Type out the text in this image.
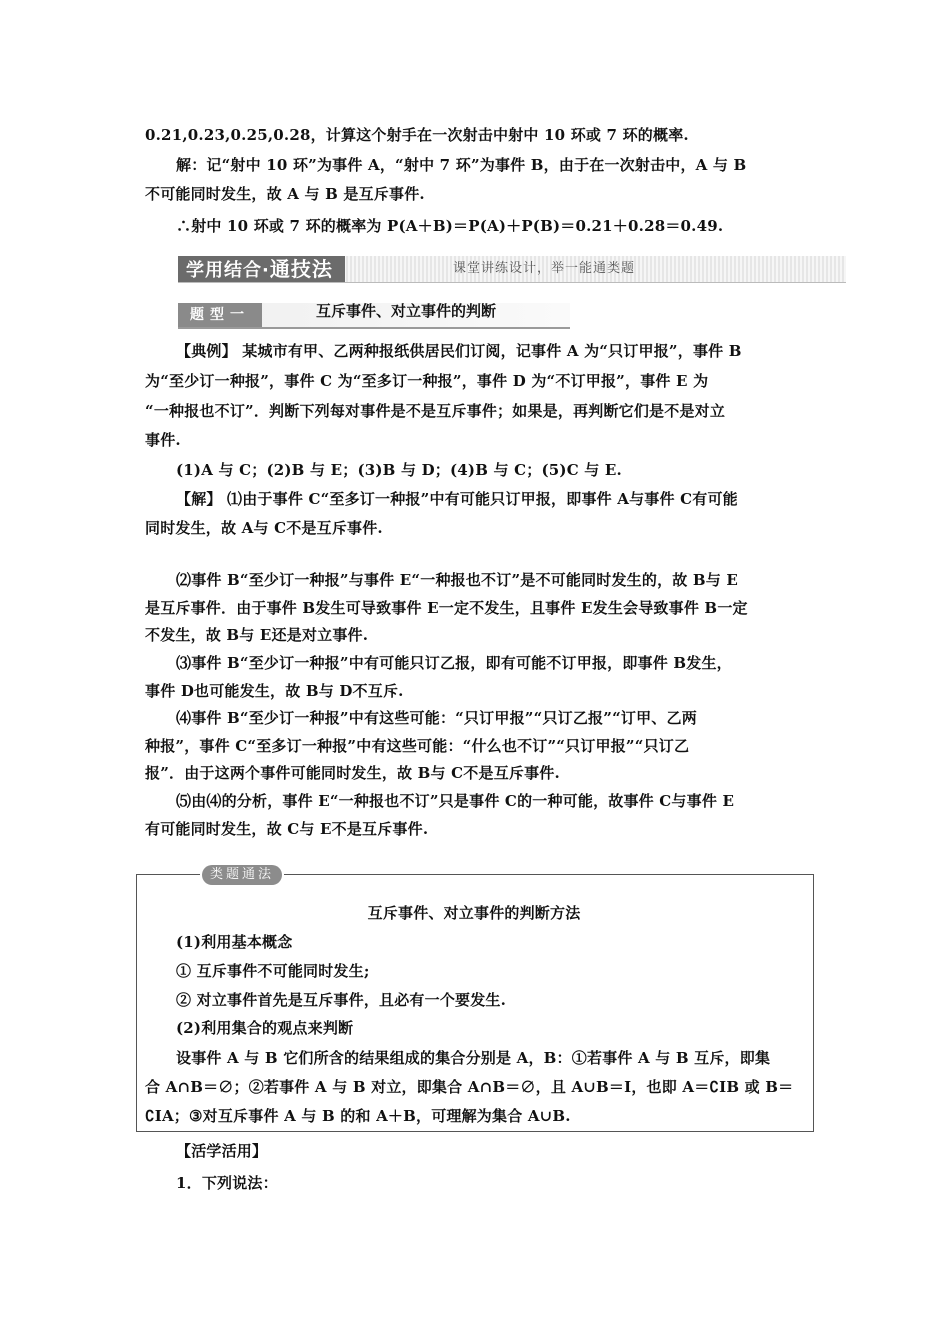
0.21,0.23,0.25,0.28，计算这个射手在一次射击中射中 10 环或 7 环的概率.
解：记“射中 10 环”为事件 A，“射中 7 环”为事件 B，由于在一次射击中，A 与 B
不可能同时发生，故 A 与 B 是互斥事件.
∴射中 10 环或 7 环的概率为 P(A＋B)＝P(A)＋P(B)＝0.21＋0.28＝0.49.
学用结合·通技法	课堂讲练设计，举一能通类题
题型一	互斥事件、对立事件的判断
【典例】 某城市有甲、乙两种报纸供居民们订阅，记事件 A 为“只订甲报”，事件 B
为“至少订一种报”，事件 C 为“至多订一种报”，事件 D 为“不订甲报”，事件 E 为
“一种报也不订”．判断下列每对事件是不是互斥事件；如果是，再判断它们是不是对立
事件.
(1)A 与 C；(2)B 与 E；(3)B 与 D；(4)B 与 C；(5)C 与 E.
【解】 ⑴由于事件 C“至多订一种报”中有可能只订甲报，即事件 A与事件 C有可能
同时发生，故 A与 C不是互斥事件.
⑵事件 B“至少订一种报”与事件 E“一种报也不订”是不可能同时发生的，故 B与 E
是互斥事件．由于事件 B发生可导致事件 E一定不发生，且事件 E发生会导致事件 B一定
不发生，故 B与 E还是对立事件.
⑶事件 B“至少订一种报”中有可能只订乙报，即有可能不订甲报，即事件 B发生，
事件 D也可能发生，故 B与 D不互斥.
⑷事件 B“至少订一种报”中有这些可能：“只订甲报”“只订乙报”“订甲、乙两
种报”，事件 C“至多订一种报”中有这些可能：“什么也不订”“只订甲报”“只订乙
报”．由于这两个事件可能同时发生，故 B与 C不是互斥事件.
⑸由⑷的分析，事件 E“一种报也不订”只是事件 C的一种可能，故事件 C与事件 E
有可能同时发生，故 C与 E不是互斥事件.
类题通法
互斥事件、对立事件的判断方法
(1)利用基本概念
① 互斥事件不可能同时发生;
② 对立事件首先是互斥事件，且必有一个要发生.
(2)利用集合的观点来判断
设事件 A 与 B 它们所含的结果组成的集合分别是 A，B：①若事件 A 与 B 互斥，即集
合 A∩B＝∅；②若事件 A 与 B 对立，即集合 A∩B＝∅，且 A∪B＝I，也即 A＝∁IB 或 B＝
∁IA；③对互斥事件 A 与 B 的和 A＋B，可理解为集合 A∪B.
【活学活用】
1．下列说法：
